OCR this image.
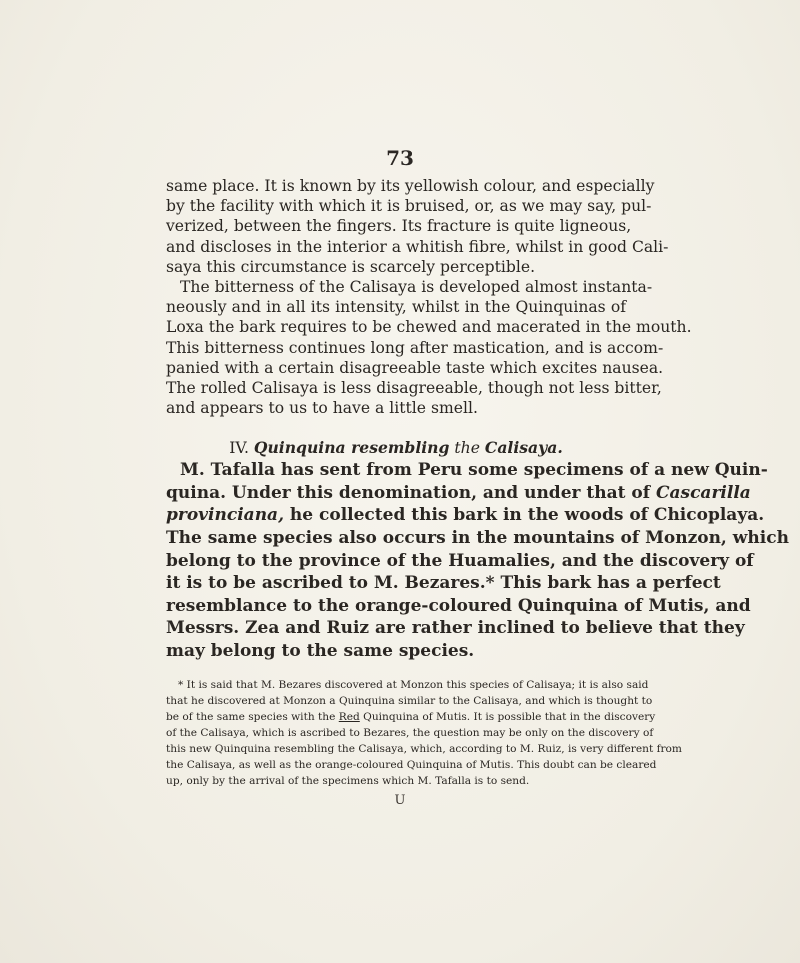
73
same place. It is known by its yellowish colour, and especially
by the facility with which it is bruised, or, as we may say, pul-
verized, between the fingers. Its fracture is quite ligneous,
and discloses in the interior a whitish fibre, whilst in good Cali-
saya this circumstance is scarcely perceptible.
The bitterness of the Calisaya is developed almost instanta-
neously and in all its intensity, whilst in the Quinquinas of
Loxa the bark requires to be chewed and macerated in the mouth.
This bitterness continues long after mastication, and is accom-
panied with a certain disagreeable taste which excites nausea.
The rolled Calisaya is less disagreeable, though not less bitter,
and appears to us to have a little smell.
IV. Quinquina resembling the Calisaya.
M. Tafalla has sent from Peru some specimens of a new Quin-
quina. Under this denomination, and under that of Cascarilla
provinciana, he collected this bark in the woods of Chicoplaya.
The same species also occurs in the mountains of Monzon, which
belong to the province of the Huamalies, and the discovery of
it is to be ascribed to M. Bezares.* This bark has a perfect
resemblance to the orange-coloured Quinquina of Mutis, and
Messrs. Zea and Ruiz are rather inclined to believe that they
may belong to the same species.
* It is said that M. Bezares discovered at Monzon this species of Calisaya; it is also said
that he discovered at Monzon a Quinquina similar to the Calisaya, and which is thought to
be of the same species with the Red Quinquina of Mutis. It is possible that in the discovery
of the Calisaya, which is ascribed to Bezares, the question may be only on the discovery of
this new Quinquina resembling the Calisaya, which, according to M. Ruiz, is very different from
the Calisaya, as well as the orange-coloured Quinquina of Mutis. This doubt can be cleared
up, only by the arrival of the specimens which M. Tafalla is to send.
U
